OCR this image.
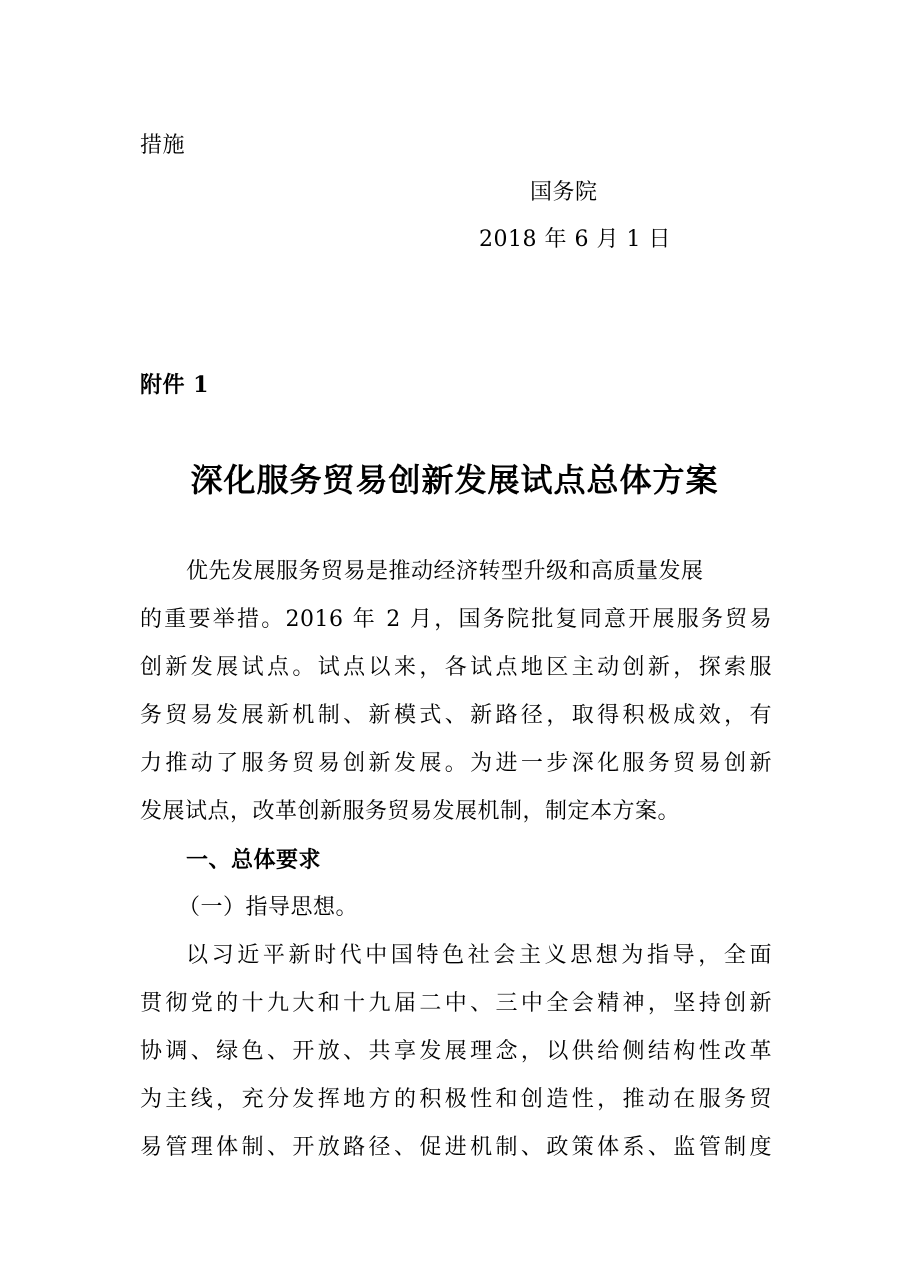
措施

国务院

2018 年 6 月 1 日

附件 1

深化服务贸易创新发展试点总体方案

优先发展服务贸易是推动经济转型升级和高质量发展

的重要举措。2016 年 2 月，国务院批复同意开展服务贸易

创新发展试点。试点以来，各试点地区主动创新，探索服

务贸易发展新机制、新模式、新路径，取得积极成效，有

力推动了服务贸易创新发展。为进一步深化服务贸易创新

发展试点，改革创新服务贸易发展机制，制定本方案。

一、总体要求

（一）指导思想。

以习近平新时代中国特色社会主义思想为指导，全面

贯彻党的十九大和十九届二中、三中全会精神，坚持创新

协调、绿色、开放、共享发展理念，以供给侧结构性改革

为主线，充分发挥地方的积极性和创造性，推动在服务贸

易管理体制、开放路径、促进机制、政策体系、监管制度
